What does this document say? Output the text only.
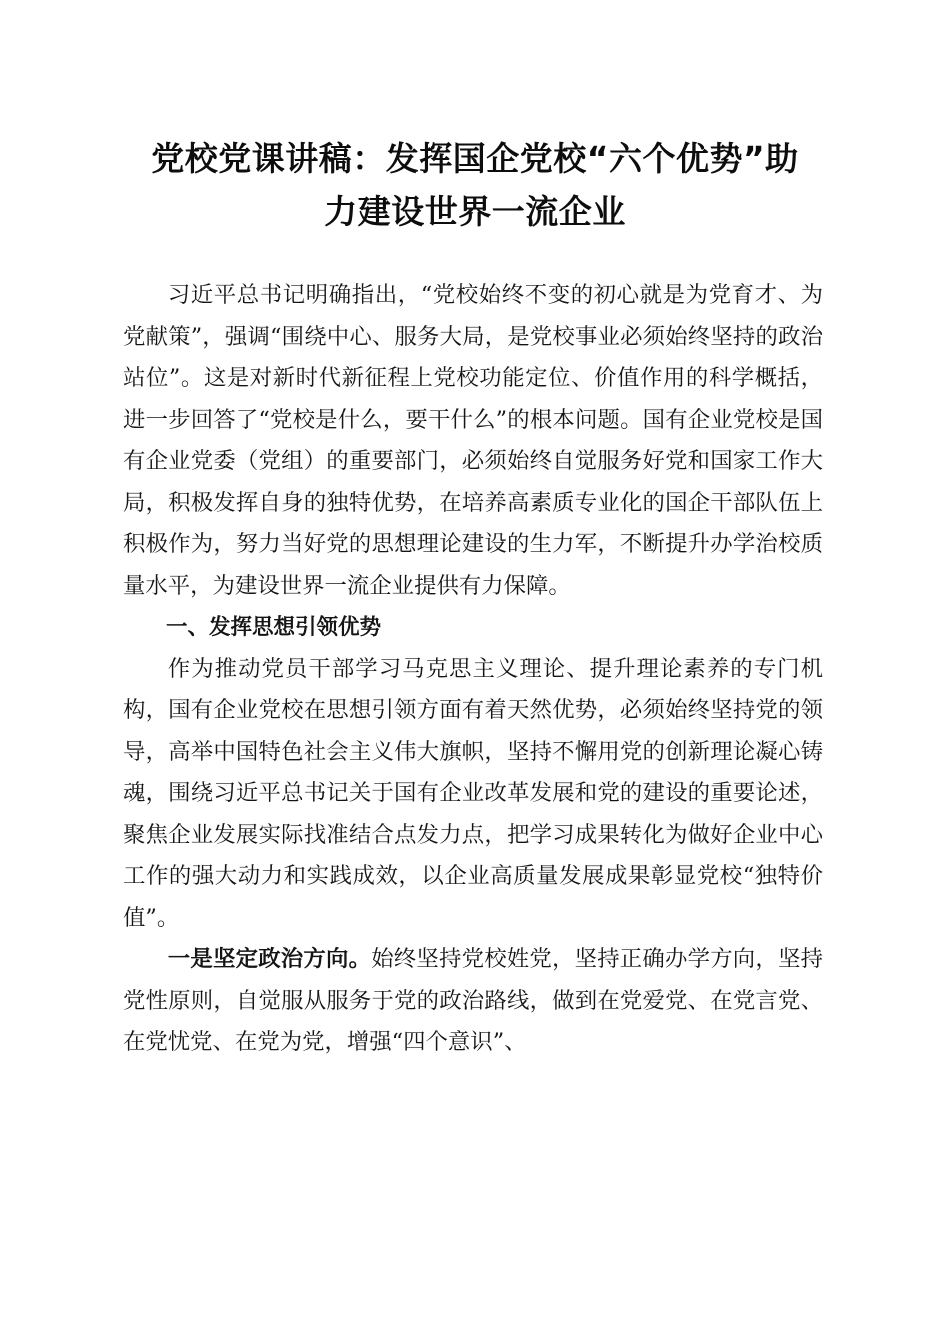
党校党课讲稿：发挥国企党校“六个优势”助
力建设世界一流企业

习近平总书记明确指出，“党校始终不变的初心就是为党育才、为党献策”，强调“围绕中心、服务大局，是党校事业必须始终坚持的政治站位”。这是对新时代新征程上党校功能定位、价值作用的科学概括，进一步回答了“党校是什么，要干什么”的根本问题。国有企业党校是国有企业党委（党组）的重要部门，必须始终自觉服务好党和国家工作大局，积极发挥自身的独特优势，在培养高素质专业化的国企干部队伍上积极作为，努力当好党的思想理论建设的生力军，不断提升办学治校质量水平，为建设世界一流企业提供有力保障。

一、发挥思想引领优势

作为推动党员干部学习马克思主义理论、提升理论素养的专门机构，国有企业党校在思想引领方面有着天然优势，必须始终坚持党的领导，高举中国特色社会主义伟大旗帜，坚持不懈用党的创新理论凝心铸魂，围绕习近平总书记关于国有企业改革发展和党的建设的重要论述，聚焦企业发展实际找准结合点发力点，把学习成果转化为做好企业中心工作的强大动力和实践成效，以企业高质量发展成果彰显党校“独特价值”。

一是坚定政治方向。始终坚持党校姓党，坚持正确办学方向，坚持党性原则，自觉服从服务于党的政治路线，做到在党爱党、在党言党、在党忧党、在党为党，增强“四个意识”、
